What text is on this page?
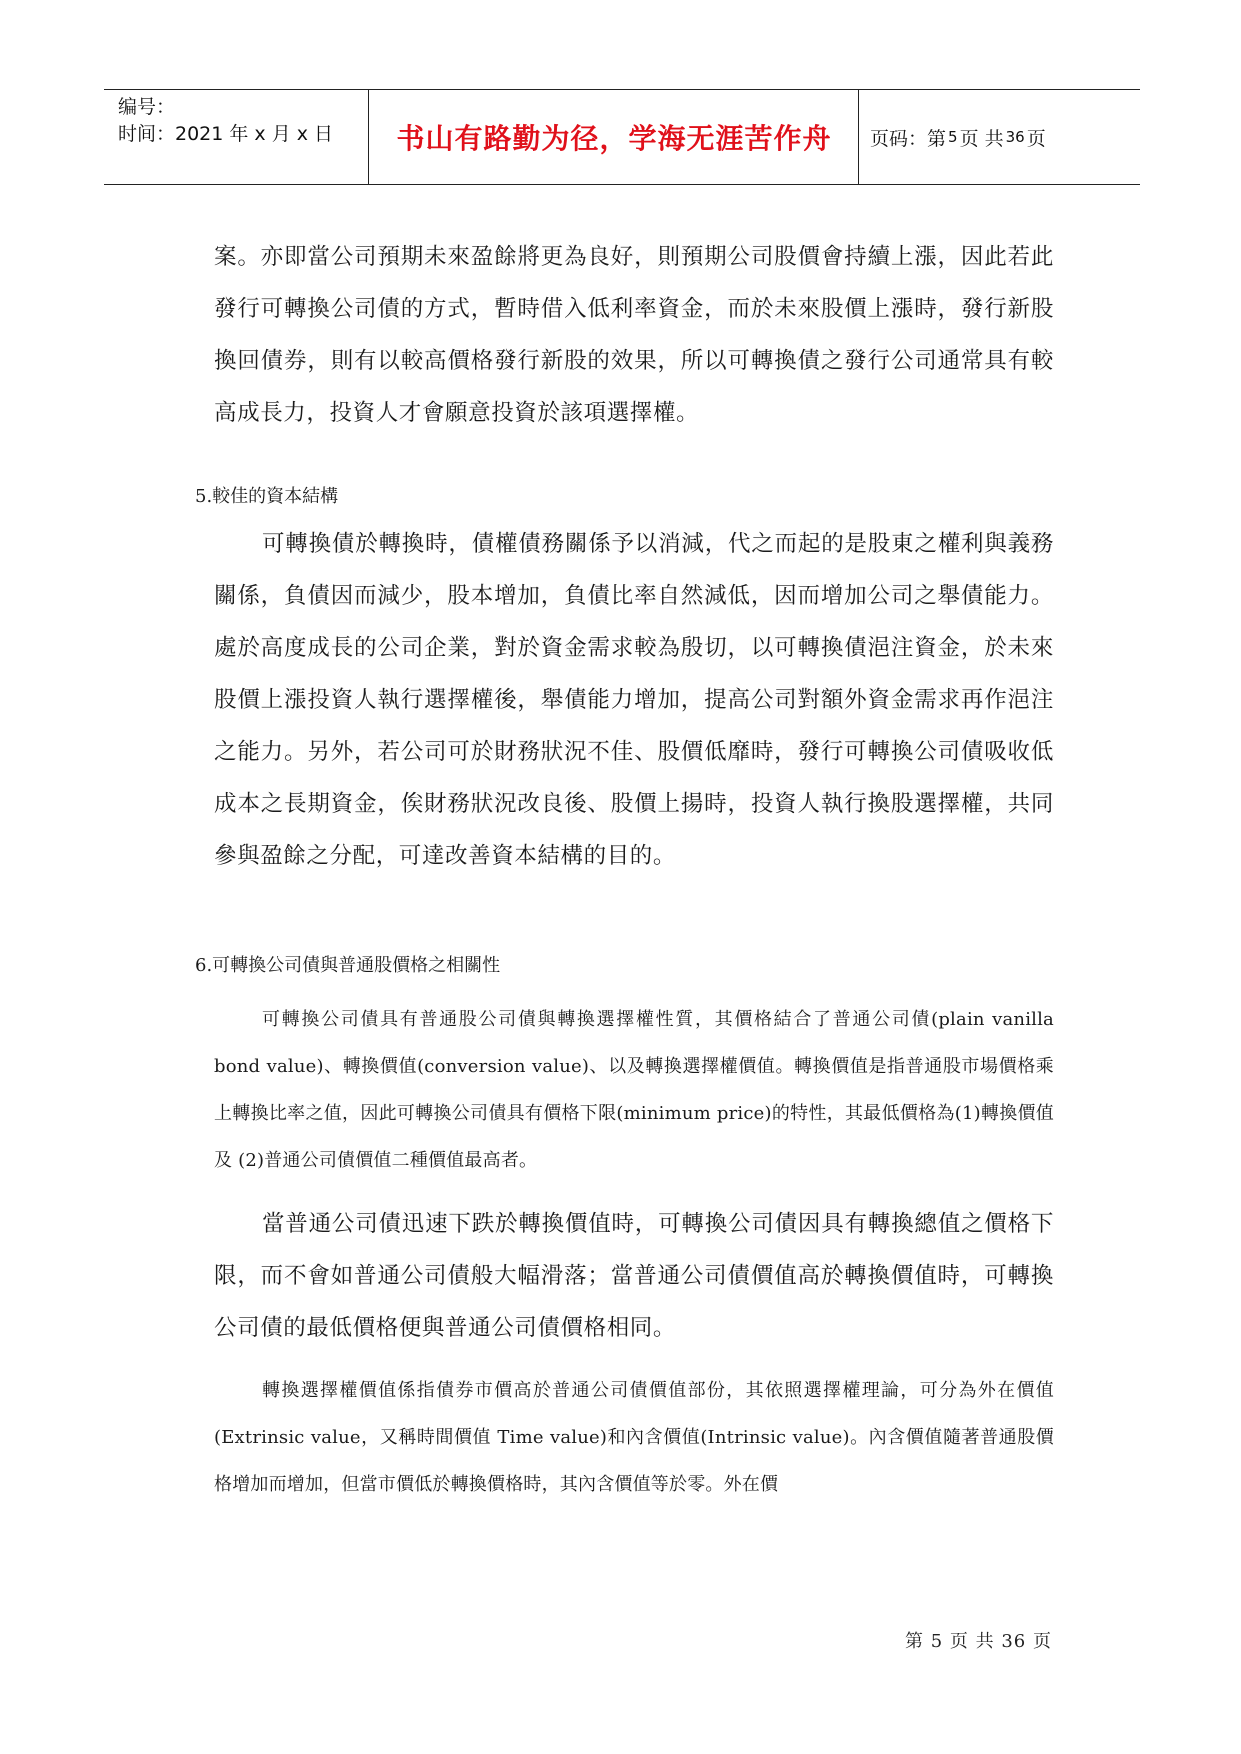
编号：
时间：2021 年 x 月 x 日	书山有路勤为径，学海无涯苦作舟	页码：第 5 页 共 36 页

案。亦即當公司預期未來盈餘將更為良好，則預期公司股價會持續上漲，因此若此發行可轉換公司債的方式，暫時借入低利率資金，而於未來股價上漲時，發行新股換回債券，則有以較高價格發行新股的效果，所以可轉換債之發行公司通常具有較高成長力，投資人才會願意投資於該項選擇權。

5.較佳的資本結構

可轉換債於轉換時，債權債務關係予以消減，代之而起的是股東之權利與義務關係，負債因而減少，股本增加，負債比率自然減低，因而增加公司之舉債能力。處於高度成長的公司企業，對於資金需求較為殷切，以可轉換債浥注資金，於未來股價上漲投資人執行選擇權後，舉債能力增加，提高公司對額外資金需求再作浥注之能力。另外，若公司可於財務狀況不佳、股價低靡時，發行可轉換公司債吸收低成本之長期資金，俟財務狀況改良後、股價上揚時，投資人執行換股選擇權，共同參與盈餘之分配，可達改善資本結構的目的。

6.可轉換公司債與普通股價格之相關性

可轉換公司債具有普通股公司債與轉換選擇權性質，其價格結合了普通公司債(plain vanilla bond value)、轉換價值(conversion value)、以及轉換選擇權價值。轉換價值是指普通股市場價格乘上轉換比率之值，因此可轉換公司債具有價格下限(minimum price)的特性，其最低價格為(1)轉換價值及 (2)普通公司債價值二種價值最高者。

當普通公司債迅速下跌於轉換價值時，可轉換公司債因具有轉換總值之價格下限，而不會如普通公司債般大幅滑落；當普通公司債價值高於轉換價值時，可轉換公司債的最低價格便與普通公司債價格相同。

轉換選擇權價值係指債券市價高於普通公司債價值部份，其依照選擇權理論，可分為外在價值(Extrinsic value，又稱時間價值 Time value)和內含價值(Intrinsic value)。內含價值隨著普通股價格增加而增加，但當市價低於轉換價格時，其內含價值等於零。外在價

第 5 页 共 36 页
